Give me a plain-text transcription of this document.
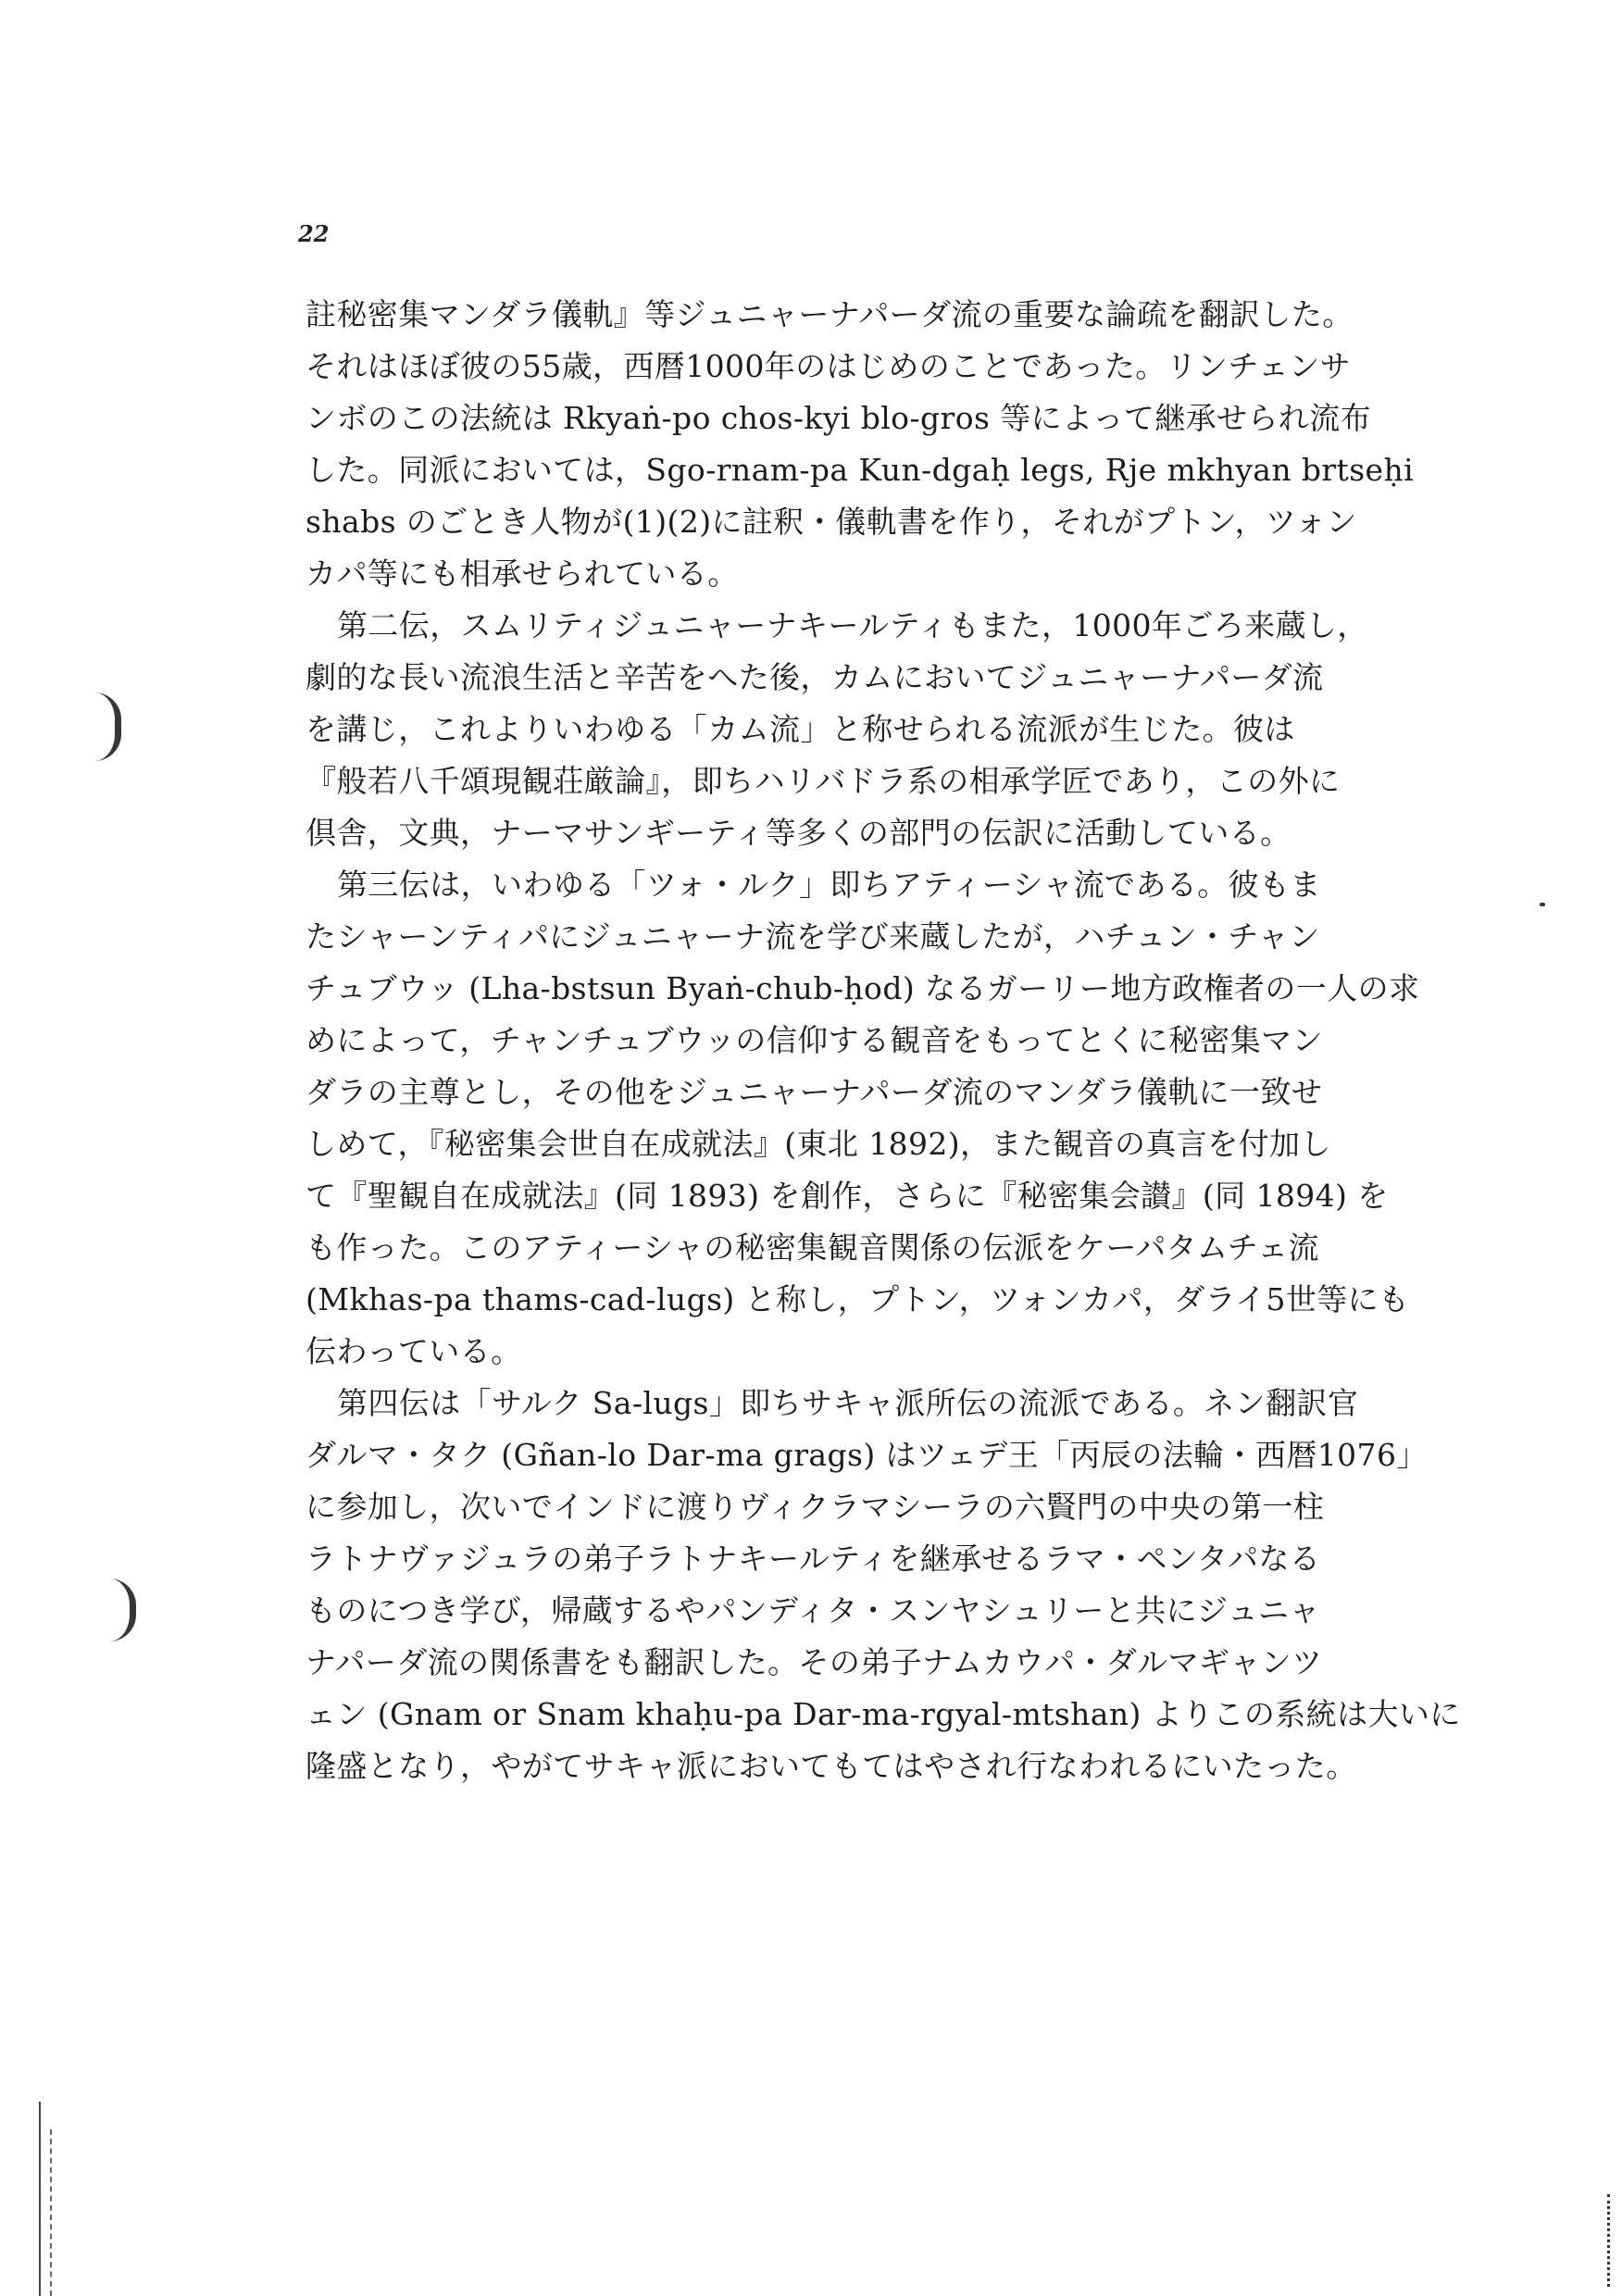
22
註秘密集マンダラ儀軌』等ジュニャーナパーダ流の重要な論疏を翻訳した。
それはほぼ彼の55歳，西暦1000年のはじめのことであった。リンチェンサ
ンボのこの法統は Rkyaṅ-po chos-kyi blo-gros 等によって継承せられ流布
した。同派においては，Sgo-rnam-pa Kun-dgaḥ legs, Rje mkhyan brtseḥi
shabs のごとき人物が(1)(2)に註釈・儀軌書を作り，それがプトン，ツォン
カパ等にも相承せられている。
第二伝，スムリティジュニャーナキールティもまた，1000年ごろ来蔵し，
劇的な長い流浪生活と辛苦をへた後，カムにおいてジュニャーナパーダ流
を講じ，これよりいわゆる「カム流」と称せられる流派が生じた。彼は
『般若八千頌現観荘厳論』，即ちハリバドラ系の相承学匠であり，この外に
倶舎，文典，ナーマサンギーティ等多くの部門の伝訳に活動している。
第三伝は，いわゆる「ツォ・ルク」即ちアティーシャ流である。彼もま
たシャーンティパにジュニャーナ流を学び来蔵したが，ハチュン・チャン
チュブウッ (Lha-bstsun Byaṅ-chub-ḥod) なるガーリー地方政権者の一人の求
めによって，チャンチュブウッの信仰する観音をもってとくに秘密集マン
ダラの主尊とし，その他をジュニャーナパーダ流のマンダラ儀軌に一致せ
しめて，『秘密集会世自在成就法』(東北 1892)，また観音の真言を付加し
て『聖観自在成就法』(同 1893) を創作，さらに『秘密集会讃』(同 1894) を
も作った。このアティーシャの秘密集観音関係の伝派をケーパタムチェ流
(Mkhas-pa thams-cad-lugs) と称し，プトン，ツォンカパ，ダライ5世等にも
伝わっている。
第四伝は「サルク Sa-lugs」即ちサキャ派所伝の流派である。ネン翻訳官
ダルマ・タク (Gñan-lo Dar-ma grags) はツェデ王「丙辰の法輪・西暦1076」
に参加し，次いでインドに渡りヴィクラマシーラの六賢門の中央の第一柱
ラトナヴァジュラの弟子ラトナキールティを継承せるラマ・ペンタパなる
ものにつき学び，帰蔵するやパンディタ・スンヤシュリーと共にジュニャ
ナパーダ流の関係書をも翻訳した。その弟子ナムカウパ・ダルマギャンツ
ェン (Gnam or Snam khaḥu-pa Dar-ma-rgyal-mtshan) よりこの系統は大いに
隆盛となり，やがてサキャ派においてもてはやされ行なわれるにいたった。
